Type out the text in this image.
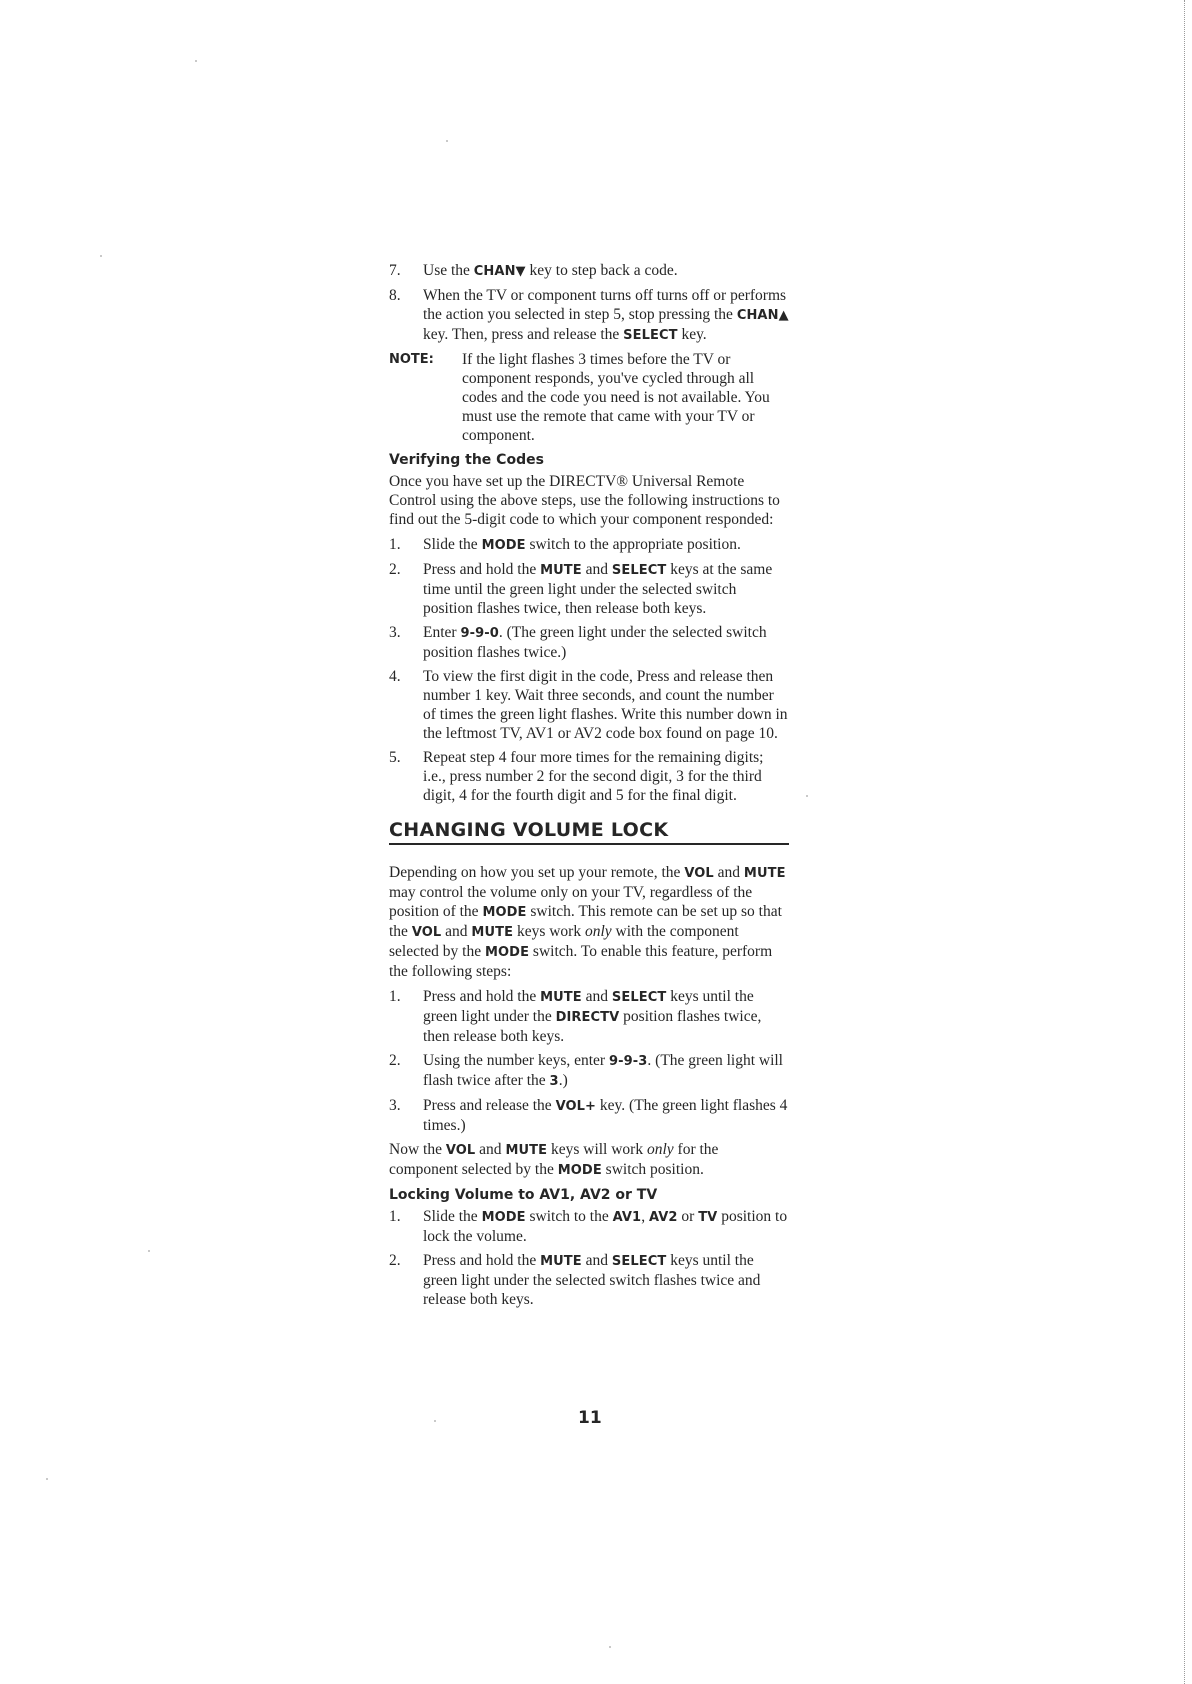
7.	Use the CHAN▼ key to step back a code.
8.	When the TV or component turns off turns off or performs the action you selected in step 5, stop pressing the CHAN▲ key. Then, press and release the SELECT key.
NOTE:	If the light flashes 3 times before the TV or component responds, you've cycled through all codes and the code you need is not available. You must use the remote that came with your TV or component.
Verifying the Codes
Once you have set up the DIRECTV® Universal Remote Control using the above steps, use the following instructions to find out the 5-digit code to which your component responded:
1.	Slide the MODE switch to the appropriate position.
2.	Press and hold the MUTE and SELECT keys at the same time until the green light under the selected switch position flashes twice, then release both keys.
3.	Enter 9-9-0. (The green light under the selected switch position flashes twice.)
4.	To view the first digit in the code, Press and release then number 1 key. Wait three seconds, and count the number of times the green light flashes. Write this number down in the leftmost TV, AV1 or AV2 code box found on page 10.
5.	Repeat step 4 four more times for the remaining digits; i.e., press number 2 for the second digit, 3 for the third digit, 4 for the fourth digit and 5 for the final digit.
CHANGING VOLUME LOCK
Depending on how you set up your remote, the VOL and MUTE may control the volume only on your TV, regardless of the position of the MODE switch. This remote can be set up so that the VOL and MUTE keys work only with the component selected by the MODE switch. To enable this feature, perform the following steps:
1.	Press and hold the MUTE and SELECT keys until the green light under the DIRECTV position flashes twice, then release both keys.
2.	Using the number keys, enter 9-9-3. (The green light will flash twice after the 3.)
3.	Press and release the VOL+ key. (The green light flashes 4 times.)
Now the VOL and MUTE keys will work only for the component selected by the MODE switch position.
Locking Volume to AV1, AV2 or TV
1.	Slide the MODE switch to the AV1, AV2 or TV position to lock the volume.
2.	Press and hold the MUTE and SELECT keys until the green light under the selected switch flashes twice and release both keys.
11
